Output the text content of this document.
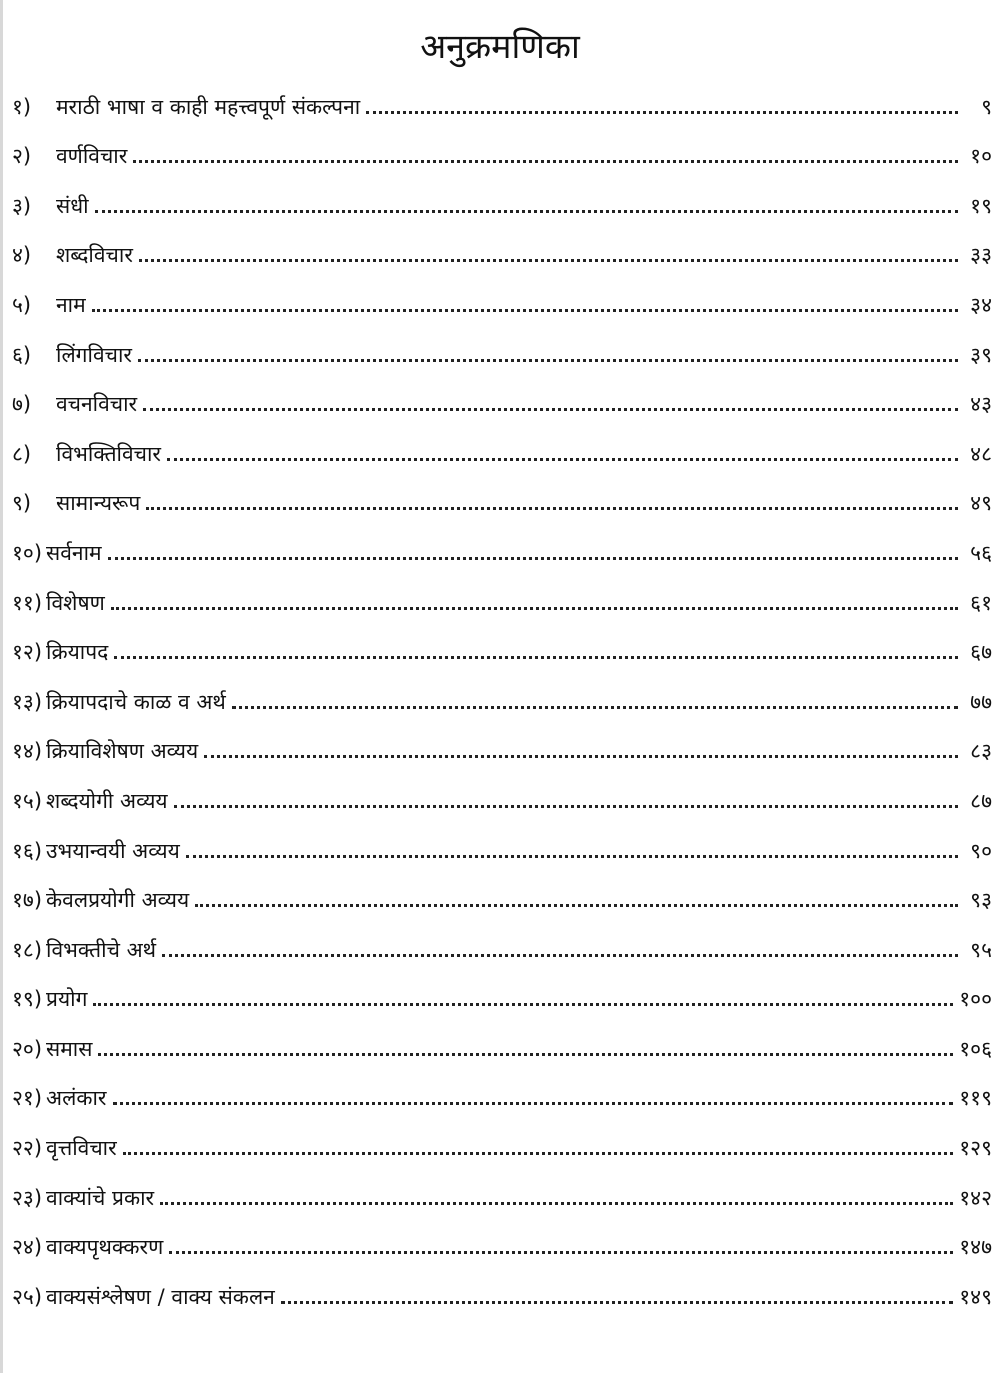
अनुक्रमणिका
१)	मराठी भाषा व काही महत्त्वपूर्ण संकल्पना	९
२)	वर्णविचार	१०
३)	संधी	१९
४)	शब्दविचार	३३
५)	नाम	३४
६)	लिंगविचार	३९
७)	वचनविचार	४३
८)	विभक्तिविचार	४८
९)	सामान्यरूप	४९
१०) सर्वनाम	५६
११) विशेषण	६१
१२) क्रियापद	६७
१३) क्रियापदाचे काळ व अर्थ	७७
१४) क्रियाविशेषण अव्यय	८३
१५) शब्दयोगी अव्यय	८७
१६) उभयान्वयी अव्यय	९०
१७) केवलप्रयोगी अव्यय	९३
१८) विभक्तीचे अर्थ	९५
१९) प्रयोग	१००
२०) समास	१०६
२१) अलंकार	११९
२२) वृत्तविचार	१२९
२३) वाक्यांचे प्रकार	१४२
२४) वाक्यपृथक्करण	१४७
२५) वाक्यसंश्लेषण / वाक्य संकलन	१४९
